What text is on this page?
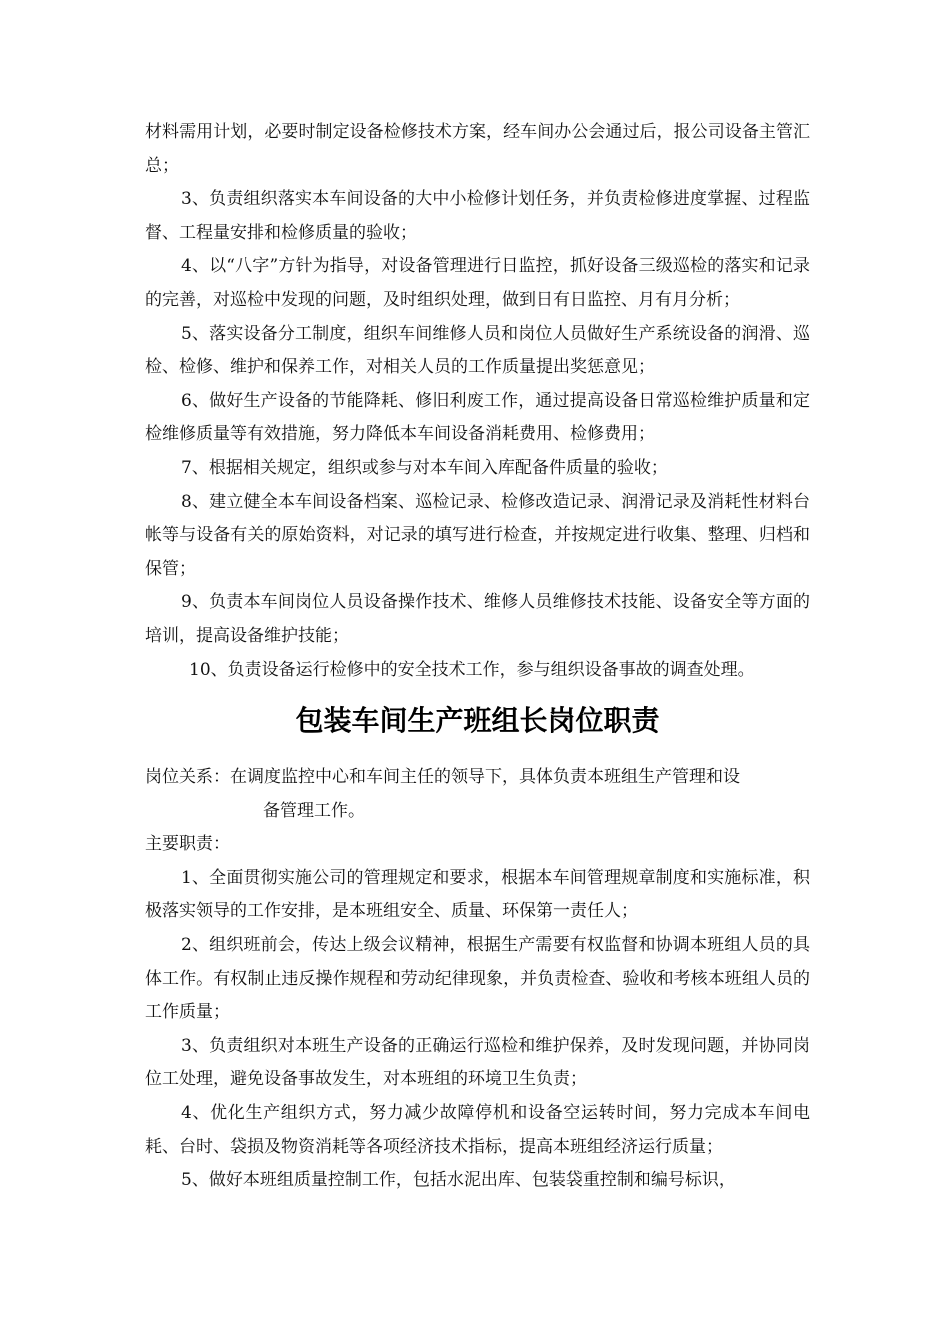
材料需用计划，必要时制定设备检修技术方案，经车间办公会通过后，报公司设备主管汇总；

3、负责组织落实本车间设备的大中小检修计划任务，并负责检修进度掌握、过程监督、工程量安排和检修质量的验收；

4、以“八字”方针为指导，对设备管理进行日监控，抓好设备三级巡检的落实和记录的完善，对巡检中发现的问题，及时组织处理，做到日有日监控、月有月分析；

5、落实设备分工制度，组织车间维修人员和岗位人员做好生产系统设备的润滑、巡检、检修、维护和保养工作，对相关人员的工作质量提出奖惩意见；

6、做好生产设备的节能降耗、修旧利废工作，通过提高设备日常巡检维护质量和定检维修质量等有效措施，努力降低本车间设备消耗费用、检修费用；

7、根据相关规定，组织或参与对本车间入库配备件质量的验收；

8、建立健全本车间设备档案、巡检记录、检修改造记录、润滑记录及消耗性材料台帐等与设备有关的原始资料，对记录的填写进行检查，并按规定进行收集、整理、归档和保管；

9、负责本车间岗位人员设备操作技术、维修人员维修技术技能、设备安全等方面的培训，提高设备维护技能；

10、负责设备运行检修中的安全技术工作，参与组织设备事故的调查处理。

包装车间生产班组长岗位职责
岗位关系： 在调度监控中心和车间主任的领导下，具体负责本班组生产管理和设
备管理工作。

主要职责：

1、全面贯彻实施公司的管理规定和要求，根据本车间管理规章制度和实施标准，积极落实领导的工作安排，是本班组安全、质量、环保第一责任人；

2、组织班前会，传达上级会议精神，根据生产需要有权监督和协调本班组人员的具体工作。有权制止违反操作规程和劳动纪律现象，并负责检查、验收和考核本班组人员的工作质量；

3、负责组织对本班生产设备的正确运行巡检和维护保养，及时发现问题，并协同岗位工处理，避免设备事故发生，对本班组的环境卫生负责；

4、优化生产组织方式，努力减少故障停机和设备空运转时间，努力完成本车间电耗、台时、袋损及物资消耗等各项经济技术指标，提高本班组经济运行质量；

5、做好本班组质量控制工作，包括水泥出库、包装袋重控制和编号标识，
